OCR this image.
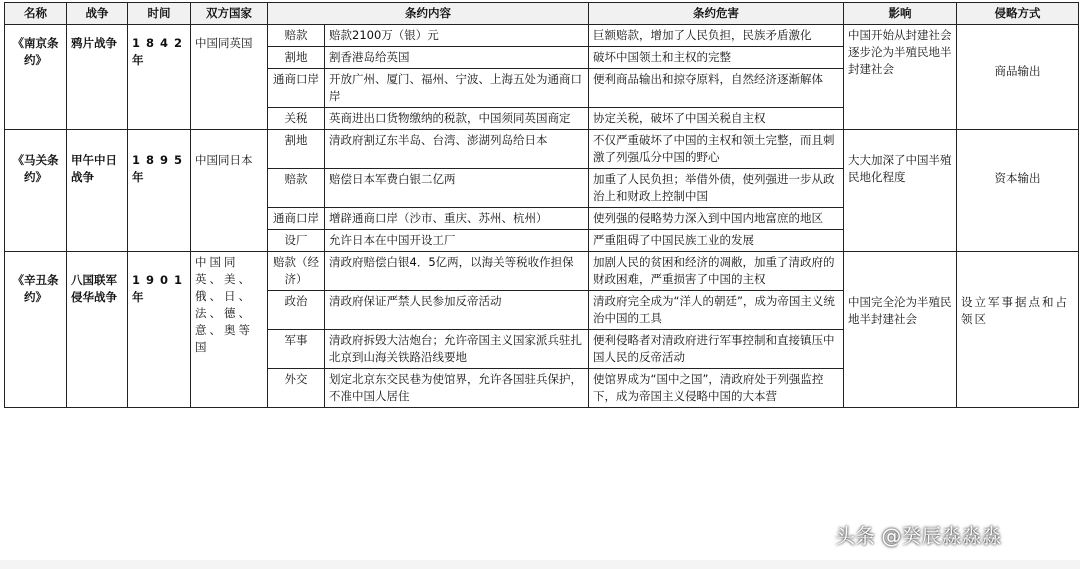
名称	战争	时间	双方国家	条约内容		条约危害	影响	侵略方式
《南京条约》	鸦片战争	1842年	中国同英国	赔款	赔款2100万（银）元	巨额赔款，增加了人民负担，民族矛盾激化	中国开始从封建社会逐步沦为半殖民地半封建社会	商品输出
				割地	割香港岛给英国	破坏中国领土和主权的完整		
				通商口岸	开放广州、厦门、福州、宁波、上海五处为通商口岸	便利商品输出和掠夺原料，自然经济逐渐解体		
				关税	英商进出口货物缴纳的税款，中国须同英国商定	协定关税，破坏了中国关税自主权		
《马关条约》	甲午中日战争	1895年	中国同日本	割地	清政府割辽东半岛、台湾、澎湖列岛给日本	不仅严重破坏了中国的主权和领土完整，而且刺激了列强瓜分中国的野心	大大加深了中国半殖民地化程度	资本输出
				赔款	赔偿日本军费白银二亿两	加重了人民负担；举借外债，使列强进一步从政治上和财政上控制中国		
				通商口岸	增辟通商口岸（沙市、重庆、苏州、杭州）	使列强的侵略势力深入到中国内地富庶的地区		
				设厂	允许日本在中国开设工厂	严重阻碍了中国民族工业的发展		
《辛丑条约》	八国联军侵华战争	1901年	中国同英、美、俄、日、法、德、意、奥等国	赔款（经济）	清政府赔偿白银4．5亿两，以海关等税收作担保	加剧人民的贫困和经济的凋敝，加重了清政府的财政困难，严重损害了中国的主权	中国完全沦为半殖民地半封建社会	设立军事据点和占领区
				政治	清政府保证严禁人民参加反帝活动	清政府完全成为“洋人的朝廷”，成为帝国主义统治中国的工具		
				军事	清政府拆毁大沽炮台；允许帝国主义国家派兵驻扎北京到山海关铁路沿线要地	便利侵略者对清政府进行军事控制和直接镇压中国人民的反帝活动		
				外交	划定北京东交民巷为使馆界，允许各国驻兵保护，不准中国人居住	使馆界成为“国中之国”，清政府处于列强监控下，成为帝国主义侵略中国的大本营		
头条 @癸辰淼淼淼
